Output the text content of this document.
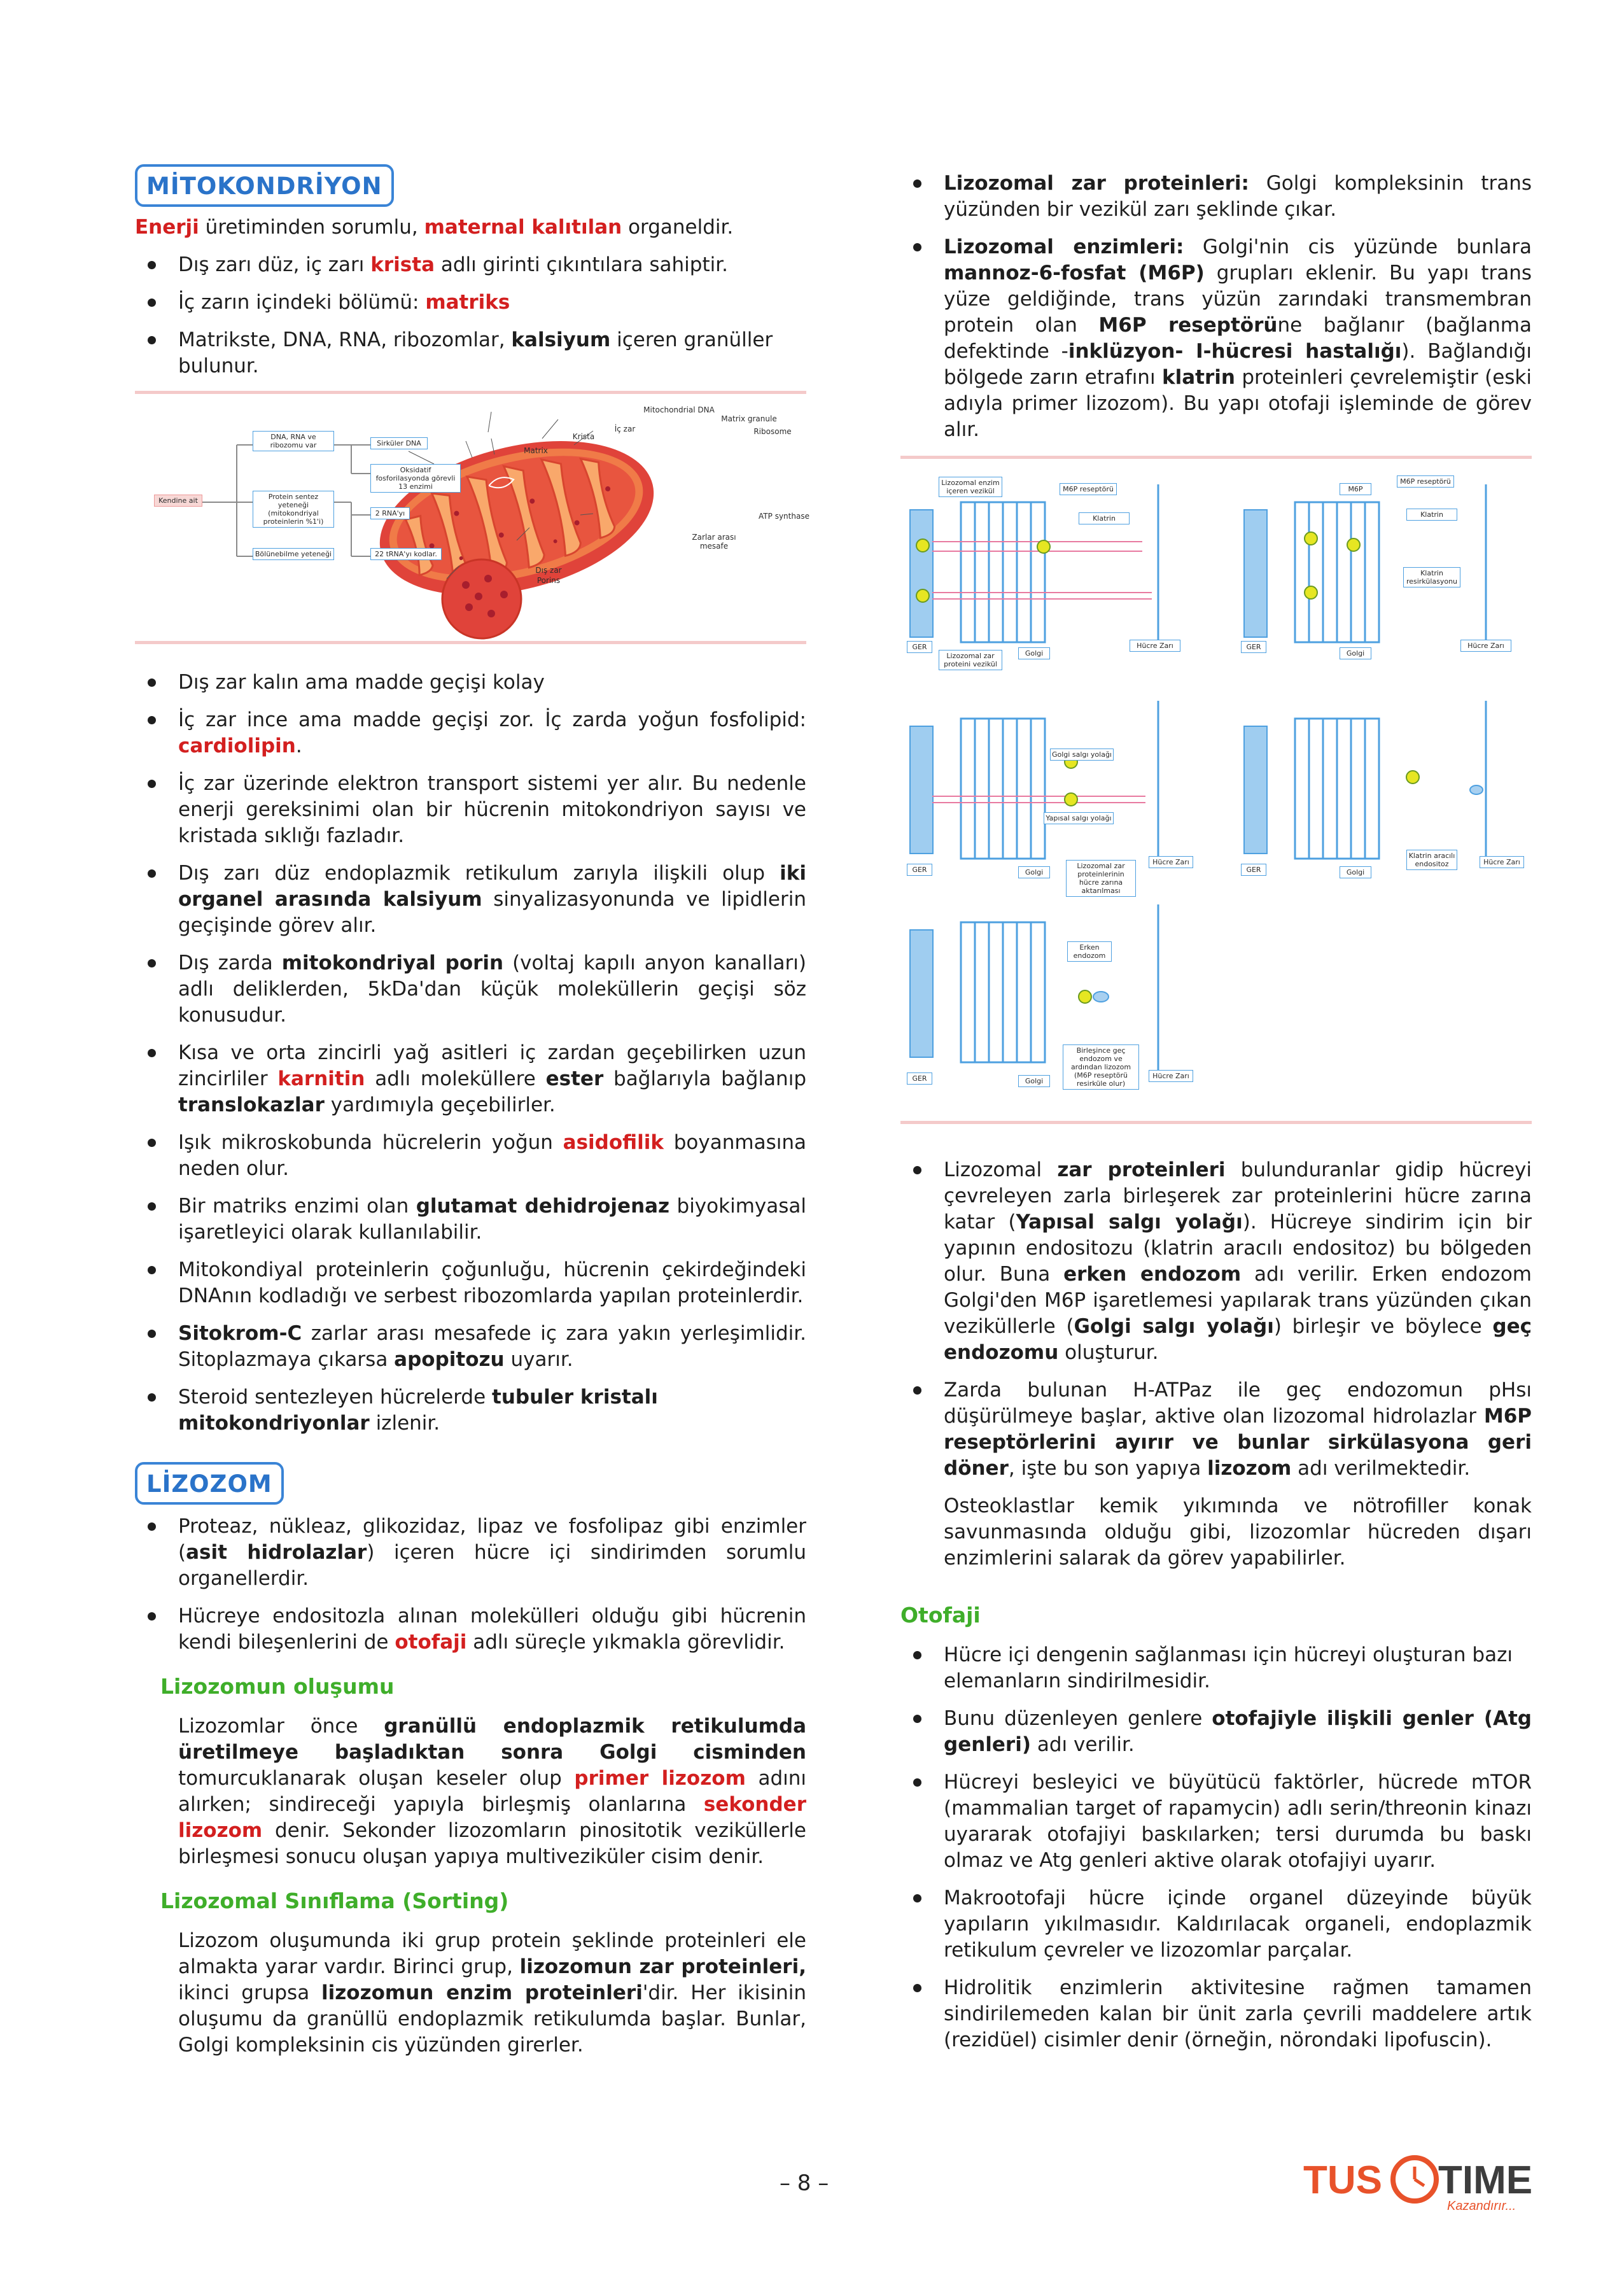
MİTOKONDRİYON

Enerji üretiminden sorumlu, maternal kalıtılan organeldir.

Dış zarı düz, iç zarı krista adlı girinti çıkıntılara sahiptir.
İç zarın içindeki bölümü: matriks
Matrikste, DNA, RNA, ribozomlar, kalsiyum içeren granüller bulunur.
DNA, RNA ve ribozomu var	Sirküler DNA
Oksidatif fosforilasyonda görevli 13 enzimi
Kendine ait	Protein sentez yeteneği (mitokondriyal proteinlerin %1'i)
2 RNA'yı
Bölünebilme yeteneği	22 tRNA'yı kodlar.
Mitochondrial DNA
Matrix granule
İç zar
Krista
Ribosome
Matrix
ATP synthase
Zarlar arası mesafe
Dış zar
Porins
Dış zar kalın ama madde geçişi kolay
İç zar ince ama madde geçişi zor. İç zarda yoğun fosfolipid: cardiolipin.
İç zar üzerinde elektron transport sistemi yer alır. Bu nedenle enerji gereksinimi olan bir hücrenin mitokondriyon sayısı ve kristada sıklığı fazladır.
Dış zarı düz endoplazmik retikulum zarıyla ilişkili olup iki organel arasında kalsiyum sinyalizasyonunda ve lipidlerin geçişinde görev alır.
Dış zarda mitokondriyal porin (voltaj kapılı anyon kanalları) adlı deliklerden, 5kDa'dan küçük moleküllerin geçişi söz konusudur.
Kısa ve orta zincirli yağ asitleri iç zardan geçebilirken uzun zincirliler karnitin adlı moleküllere ester bağlarıyla bağlanıp translokazlar yardımıyla geçebilirler.
Işık mikroskobunda hücrelerin yoğun asidofilik boyanmasına neden olur.
Bir matriks enzimi olan glutamat dehidrojenaz biyokimyasal işaretleyici olarak kullanılabilir.
Mitokondiyal proteinlerin çoğunluğu, hücrenin çekirdeğindeki DNAnın kodladığı ve serbest ribozomlarda yapılan proteinlerdir.
Sitokrom-C zarlar arası mesafede iç zara yakın yerleşimlidir. Sitoplazmaya çıkarsa apopitozu uyarır.
Steroid sentezleyen hücrelerde tubuler kristalı mitokondriyonlar izlenir.
LİZOZOM
Proteaz, nükleaz, glikozidaz, lipaz ve fosfolipaz gibi enzimler (asit hidrolazlar) içeren hücre içi sindirimden sorumlu organellerdir.
Hücreye endositozla alınan molekülleri olduğu gibi hücrenin kendi bileşenlerini de otofaji adlı süreçle yıkmakla görevlidir.
Lizozomun oluşumu

Lizozomlar önce granüllü endoplazmik retikulumda üretilmeye başladıktan sonra Golgi cisminden tomurcuklanarak oluşan keseler olup primer lizozom adını alırken; sindireceği yapıyla birleşmiş olanlarına sekonder lizozom denir. Sekonder lizozomların pinositotik veziküllerle birleşmesi sonucu oluşan yapıya multiveziküler cisim denir.

Lizozomal Sınıflama (Sorting)

Lizozom oluşumunda iki grup protein şeklinde proteinleri ele almakta yarar vardır. Birinci grup, lizozomun zar proteinleri, ikinci grupsa lizozomun enzim proteinleri'dir. Her ikisinin oluşumu da granüllü endoplazmik retikulumda başlar. Bunlar, Golgi kompleksinin cis yüzünden girerler.

Lizozomal zar proteinleri: Golgi kompleksinin trans yüzünden bir vezikül zarı şeklinde çıkar.
Lizozomal enzimleri: Golgi'nin cis yüzünde bunlara mannoz-6-fosfat (M6P) grupları eklenir. Bu yapı trans yüze geldiğinde, trans yüzün zarındaki transmembran protein olan M6P reseptörüne bağlanır (bağlanma defektinde -inklüzyon- I-hücresi hastalığı). Bağlandığı bölgede zarın etrafını klatrin proteinleri çevrelemiştir (eski adıyla primer lizozom). Bu yapı otofaji işleminde de görev alır.
Lizozomal enzim içeren vezikül	M6P reseptörü
Klatrin
GER
Lizozomal zar proteini vezikül
Golgi
Hücre Zarı
M6P
M6P reseptörü
Klatrin
Klatrin resirkülasyonu
GER
Golgi
Hücre Zarı
Golgi salgı yolağı
Yapısal salgı yolağı
GER	Golgi
Lizozomal zar proteinlerinin hücre zarına aktarılması
Hücre Zarı
GER	Golgi
Klatrin aracılı endositoz	Hücre Zarı
Erken endozom
GER	Golgi
Birleşince geç endozom ve ardından lizozom (M6P reseptörü resirküle olur)
Hücre Zarı
Lizozomal zar proteinleri bulunduranlar gidip hücreyi çevreleyen zarla birleşerek zar proteinlerini hücre zarına katar (Yapısal salgı yolağı). Hücreye sindirim için bir yapının endositozu (klatrin aracılı endositoz) bu bölgeden olur. Buna erken endozom adı verilir. Erken endozom Golgi'den M6P işaretlemesi yapılarak trans yüzünden çıkan veziküllerle (Golgi salgı yolağı) birleşir ve böylece geç endozomu oluşturur.
Zarda bulunan H-ATPaz ile geç endozomun pHsı düşürülmeye başlar, aktive olan lizozomal hidrolazlar M6P reseptörlerini ayırır ve bunlar sirkülasyona geri döner, işte bu son yapıya lizozom adı verilmektedir.

Osteoklastlar kemik yıkımında ve nötrofiller konak savunmasında olduğu gibi, lizozomlar hücreden dışarı enzimlerini salarak da görev yapabilirler.

Otofaji
Hücre içi dengenin sağlanması için hücreyi oluşturan bazı elemanların sindirilmesidir.
Bunu düzenleyen genlere otofajiyle ilişkili genler (Atg genleri) adı verilir.
Hücreyi besleyici ve büyütücü faktörler, hücrede mTOR (mammalian target of rapamycin) adlı serin/threonin kinazı uyararak otofajiyi baskılarken; tersi durumda bu baskı olmaz ve Atg genleri aktive olarak otofajiyi uyarır.
Makrootofaji hücre içinde organel düzeyinde büyük yapıların yıkılmasıdır. Kaldırılacak organeli, endoplazmik retikulum çevreler ve lizozomlar parçalar.
Hidrolitik enzimlerin aktivitesine rağmen tamamen sindirilemeden kalan bir ünit zarla çevrili maddelere artık (rezidüel) cisimler denir (örneğin, nörondaki lipofuscin).
– 8 –	TUS TIME
Kazandırır...
